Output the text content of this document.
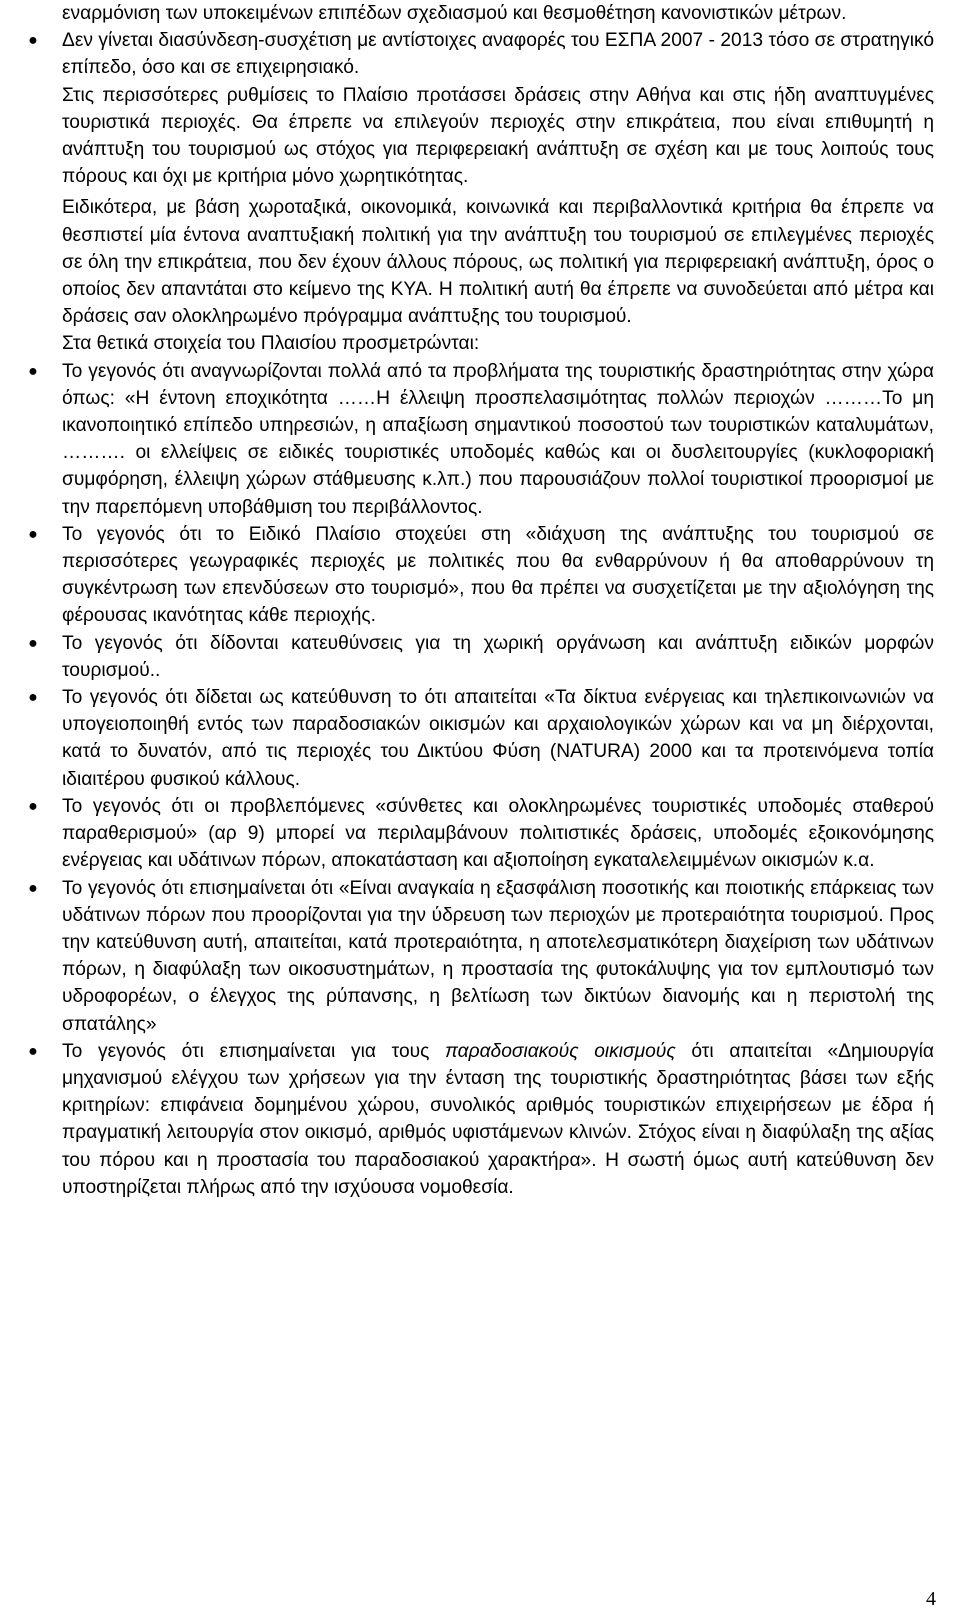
εναρμόνιση των υποκειμένων επιπέδων σχεδιασμού και θεσμοθέτηση κανονιστικών μέτρων.

● Δεν γίνεται διασύνδεση-συσχέτιση με αντίστοιχες αναφορές του ΕΣΠΑ 2007 - 2013 τόσο σε στρατηγικό επίπεδο, όσο και σε επιχειρησιακό.

Στις περισσότερες ρυθμίσεις το Πλαίσιο προτάσσει δράσεις στην Αθήνα και στις ήδη αναπτυγμένες τουριστικά περιοχές. Θα έπρεπε να επιλεγούν περιοχές στην επικράτεια, που είναι επιθυμητή η ανάπτυξη του τουρισμού ως στόχος για περιφερειακή ανάπτυξη σε σχέση και με τους λοιπούς τους πόρους και όχι με κριτήρια μόνο χωρητικότητας.

Ειδικότερα, με βάση χωροταξικά, οικονομικά, κοινωνικά και περιβαλλοντικά κριτήρια θα έπρεπε να θεσπιστεί μία έντονα αναπτυξιακή πολιτική για την ανάπτυξη του τουρισμού σε επιλεγμένες περιοχές σε όλη την επικράτεια, που δεν έχουν άλλους πόρους, ως πολιτική για περιφερειακή ανάπτυξη, όρος ο οποίος δεν απαντάται στο κείμενο της ΚΥΑ. Η πολιτική αυτή θα έπρεπε να συνοδεύεται από μέτρα και δράσεις σαν ολοκληρωμένο πρόγραμμα ανάπτυξης του τουρισμού.

Στα θετικά στοιχεία του Πλαισίου προσμετρώνται:

● Το γεγονός ότι αναγνωρίζονται πολλά από τα προβλήματα της τουριστικής δραστηριότητας στην χώρα όπως: «Η έντονη εποχικότητα ……Η έλλειψη προσπελασιμότητας πολλών περιοχών ………Το μη ικανοποιητικό επίπεδο υπηρεσιών, η απαξίωση σημαντικού ποσοστού των τουριστικών καταλυμάτων, ………. οι ελλείψεις σε ειδικές τουριστικές υποδομές καθώς και οι δυσλειτουργίες (κυκλοφοριακή συμφόρηση, έλλειψη χώρων στάθμευσης κ.λπ.) που παρουσιάζουν πολλοί τουριστικοί προορισμοί με την παρεπόμενη υποβάθμιση του περιβάλλοντος.

● Το γεγονός ότι το Ειδικό Πλαίσιο στοχεύει στη «διάχυση της ανάπτυξης του τουρισμού σε περισσότερες γεωγραφικές περιοχές με πολιτικές που θα ενθαρρύνουν ή θα αποθαρρύνουν τη συγκέντρωση των επενδύσεων στο τουρισμό», που θα πρέπει να συσχετίζεται με την αξιολόγηση της φέρουσας ικανότητας κάθε περιοχής.

● Το γεγονός ότι δίδονται κατευθύνσεις για τη χωρική οργάνωση και ανάπτυξη ειδικών μορφών τουρισμού..

● Το γεγονός ότι δίδεται ως κατεύθυνση το ότι απαιτείται «Τα δίκτυα ενέργειας και τηλεπικοινωνιών να υπογειοποιηθή εντός των παραδοσιακών οικισμών και αρχαιολογικών χώρων και να μη διέρχονται, κατά το δυνατόν, από τις περιοχές του Δικτύου Φύση (NATURA) 2000 και τα προτεινόμενα τοπία ιδιαιτέρου φυσικού κάλλους.

● Το γεγονός ότι οι προβλεπόμενες «σύνθετες και ολοκληρωμένες τουριστικές υποδομές σταθερού παραθερισμού» (αρ 9) μπορεί να περιλαμβάνουν πολιτιστικές δράσεις, υποδομές εξοικονόμησης ενέργειας και υδάτινων πόρων, αποκατάσταση και αξιοποίηση εγκαταλελειμμένων οικισμών κ.α.

● Το γεγονός ότι επισημαίνεται ότι «Είναι αναγκαία η εξασφάλιση ποσοτικής και ποιοτικής επάρκειας των υδάτινων πόρων που προορίζονται για την ύδρευση των περιοχών με προτεραιότητα τουρισμού. Προς την κατεύθυνση αυτή, απαιτείται, κατά προτεραιότητα, η αποτελεσματικότερη διαχείριση των υδάτινων πόρων, η διαφύλαξη των οικοσυστημάτων, η προστασία της φυτοκάλυψης για τον εμπλουτισμό των υδροφορέων, ο έλεγχος της ρύπανσης, η βελτίωση των δικτύων διανομής και η περιστολή της σπατάλης»

● Το γεγονός ότι επισημαίνεται για τους παραδοσιακούς οικισμούς ότι απαιτείται «Δημιουργία μηχανισμού ελέγχου των χρήσεων για την ένταση της τουριστικής δραστηριότητας βάσει των εξής κριτηρίων: επιφάνεια δομημένου χώρου, συνολικός αριθμός τουριστικών επιχειρήσεων με έδρα ή πραγματική λειτουργία στον οικισμό, αριθμός υφιστάμενων κλινών. Στόχος είναι η διαφύλαξη της αξίας του πόρου και η προστασία του παραδοσιακού χαρακτήρα». Η σωστή όμως αυτή κατεύθυνση δεν υποστηρίζεται πλήρως από την ισχύουσα νομοθεσία.

4
